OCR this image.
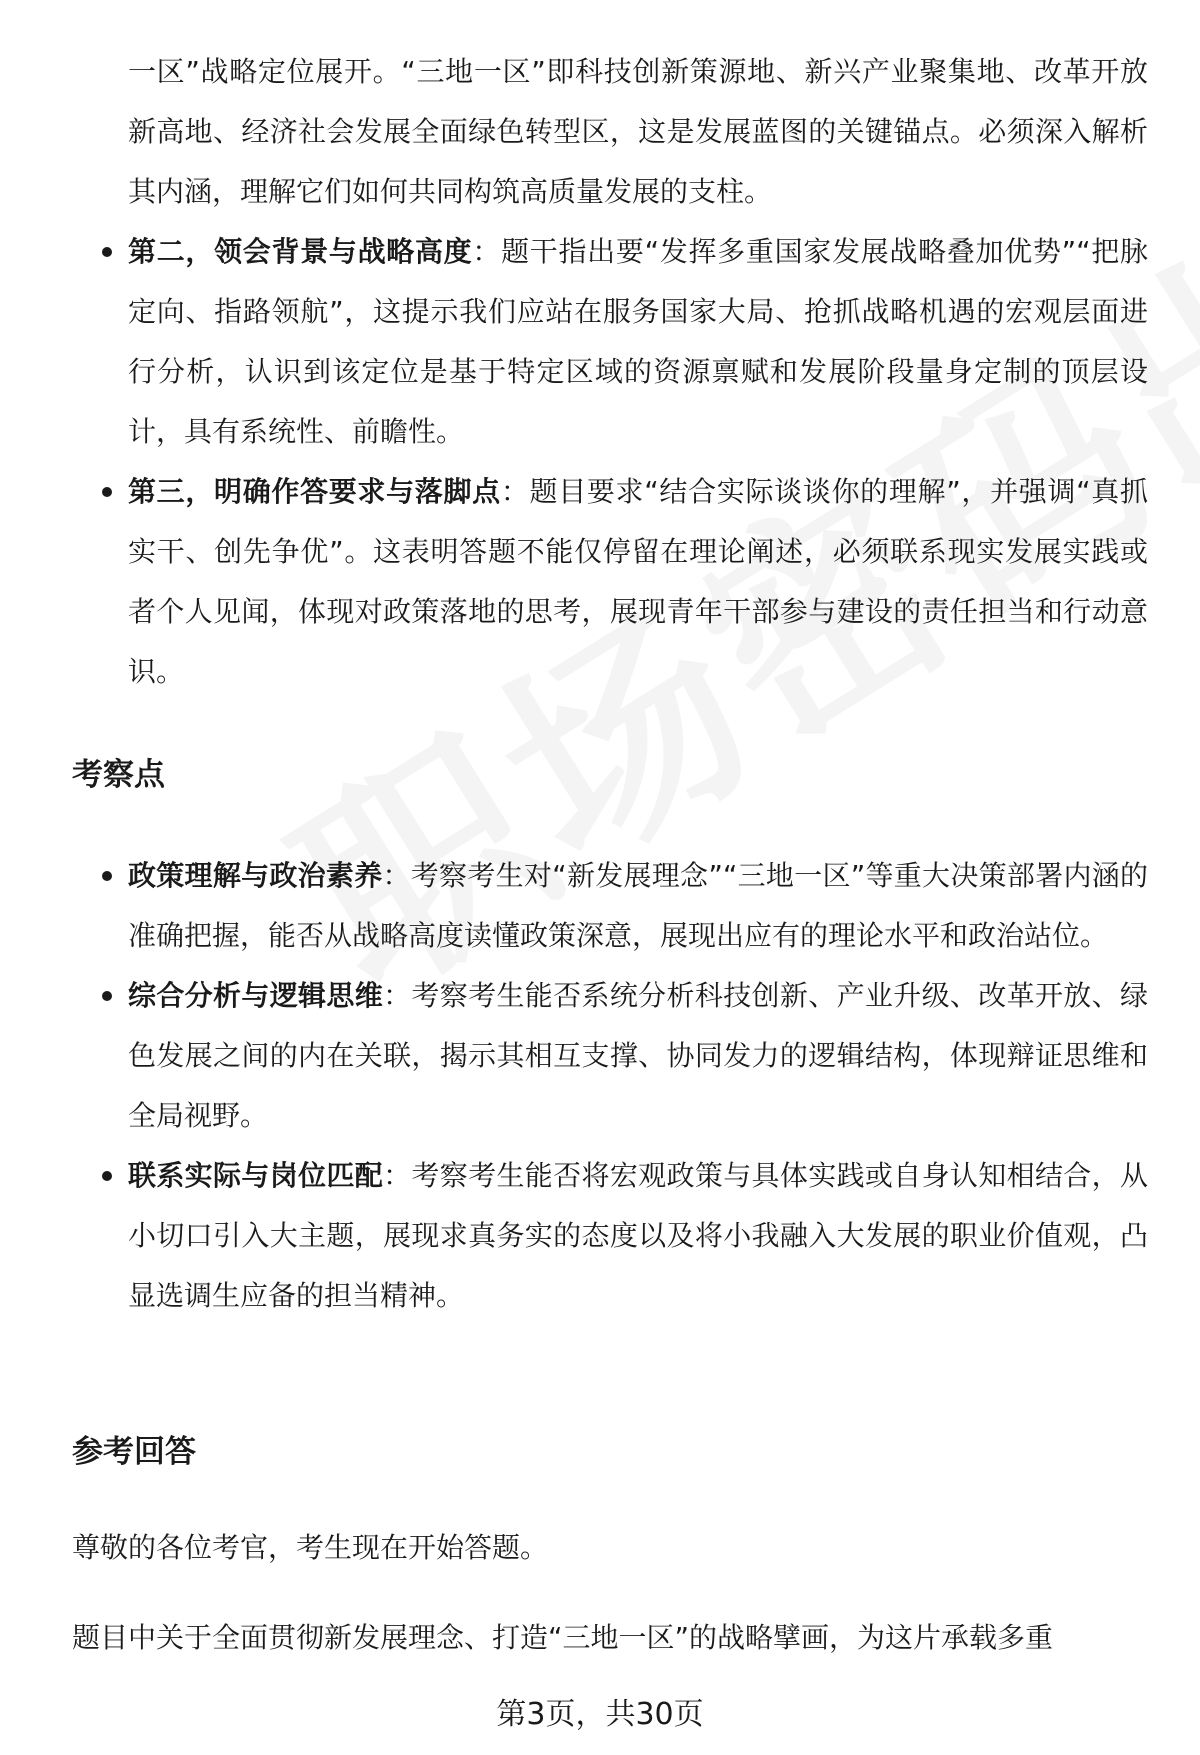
一区”战略定位展开。“三地一区”即科技创新策源地、新兴产业聚集地、改革开放新高地、经济社会发展全面绿色转型区，这是发展蓝图的关键锚点。必须深入解析其内涵，理解它们如何共同构筑高质量发展的支柱。

第二，领会背景与战略高度：题干指出要“发挥多重国家发展战略叠加优势”“把脉定向、指路领航”，这提示我们应站在服务国家大局、抢抓战略机遇的宏观层面进行分析，认识到该定位是基于特定区域的资源禀赋和发展阶段量身定制的顶层设计，具有系统性、前瞻性。

第三，明确作答要求与落脚点：题目要求“结合实际谈谈你的理解”，并强调“真抓实干、创先争优”。这表明答题不能仅停留在理论阐述，必须联系现实发展实践或者个人见闻，体现对政策落地的思考，展现青年干部参与建设的责任担当和行动意识。

考察点

政策理解与政治素养：考察考生对“新发展理念”“三地一区”等重大决策部署内涵的准确把握，能否从战略高度读懂政策深意，展现出应有的理论水平和政治站位。

综合分析与逻辑思维：考察考生能否系统分析科技创新、产业升级、改革开放、绿色发展之间的内在关联，揭示其相互支撑、协同发力的逻辑结构，体现辩证思维和全局视野。

联系实际与岗位匹配：考察考生能否将宏观政策与具体实践或自身认知相结合，从小切口引入大主题，展现求真务实的态度以及将小我融入大发展的职业价值观，凸显选调生应备的担当精神。

参考回答

尊敬的各位考官，考生现在开始答题。

题目中关于全面贯彻新发展理念、打造“三地一区”的战略擘画，为这片承载多重

第3页，共30页
